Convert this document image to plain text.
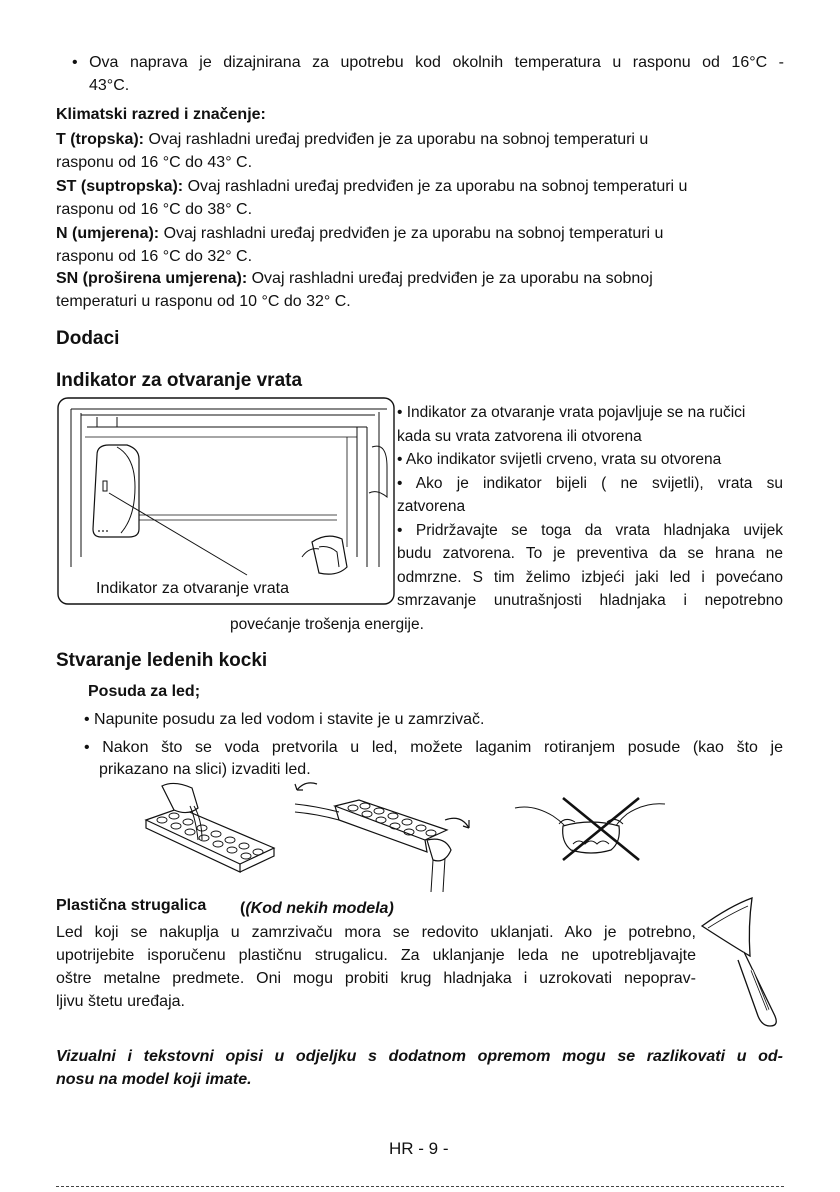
• Ova naprava je dizajnirana za upotrebu kod okolnih temperatura u rasponu od 16°C -
43°C.
Klimatski razred i značenje:
T (tropska): Ovaj rashladni uređaj predviđen je za uporabu na sobnoj temperaturi u
rasponu od 16 °C do 43° C.
ST (suptropska): Ovaj rashladni uređaj predviđen je za uporabu na sobnoj temperaturi u
rasponu od 16 °C do 38° C.
N (umjerena): Ovaj rashladni uređaj predviđen je za uporabu na sobnoj temperaturi u
rasponu od 16 °C do 32° C.
SN (proširena umjerena): Ovaj rashladni uređaj predviđen je za uporabu na sobnoj
temperaturi u rasponu od 10 °C do 32° C.
Dodaci
Indikator za otvaranje vrata
Indikator za otvaranje vrata
• Indikator za otvaranje vrata pojavljuje se na ručici
kada su vrata zatvorena ili otvorena
• Ako indikator svijetli crveno, vrata su otvorena
• Ako je indikator bijeli ( ne svijetli), vrata su
zatvorena
• Pridržavajte se toga da vrata hladnjaka uvijek
budu zatvorena. To je preventiva da se hrana ne
odmrzne. S tim želimo izbjeći jaki led i povećano
smrzavanje unutrašnjosti hladnjaka i nepotrebno
povećanje trošenja energije.
Stvaranje ledenih kocki
Posuda za led;
• Napunite posudu za led vodom i stavite je u zamrzivač.
• Nakon što se voda pretvorila u led, možete laganim rotiranjem posude (kao što je
prikazano na slici) izvaditi led.
Plastična strugalica ((Kod nekih modela)
Led koji se nakuplja u zamrzivaču mora se redovito uklanjati. Ako je potrebno,
upotrijebite isporučenu plastičnu strugalicu. Za uklanjanje leda ne upotrebljavajte
oštre metalne predmete. Oni mogu probiti krug hladnjaka i uzrokovati nepoprav-
ljivu štetu uređaja.
Vizualni i tekstovni opisi u odjeljku s dodatnom opremom mogu se razlikovati u od-
nosu na model koji imate.
HR - 9 -
